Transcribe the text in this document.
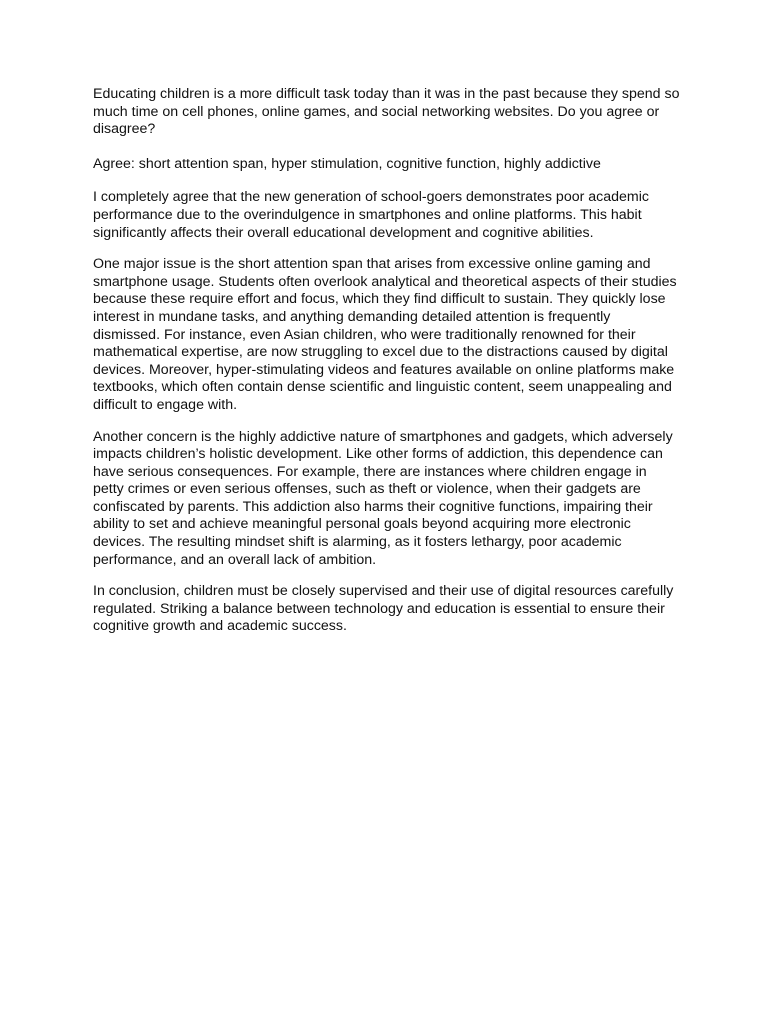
Educating children is a more difficult task today than it was in the past because they spend so much time on cell phones, online games, and social networking websites. Do you agree or disagree?

Agree: short attention span, hyper stimulation, cognitive function, highly addictive

I completely agree that the new generation of school-goers demonstrates poor academic performance due to the overindulgence in smartphones and online platforms. This habit significantly affects their overall educational development and cognitive abilities.

One major issue is the short attention span that arises from excessive online gaming and smartphone usage. Students often overlook analytical and theoretical aspects of their studies because these require effort and focus, which they find difficult to sustain. They quickly lose interest in mundane tasks, and anything demanding detailed attention is frequently dismissed. For instance, even Asian children, who were traditionally renowned for their mathematical expertise, are now struggling to excel due to the distractions caused by digital devices. Moreover, hyper-stimulating videos and features available on online platforms make textbooks, which often contain dense scientific and linguistic content, seem unappealing and difficult to engage with.

Another concern is the highly addictive nature of smartphones and gadgets, which adversely impacts children’s holistic development. Like other forms of addiction, this dependence can have serious consequences. For example, there are instances where children engage in petty crimes or even serious offenses, such as theft or violence, when their gadgets are confiscated by parents. This addiction also harms their cognitive functions, impairing their ability to set and achieve meaningful personal goals beyond acquiring more electronic devices. The resulting mindset shift is alarming, as it fosters lethargy, poor academic performance, and an overall lack of ambition.

In conclusion, children must be closely supervised and their use of digital resources carefully regulated. Striking a balance between technology and education is essential to ensure their cognitive growth and academic success.
